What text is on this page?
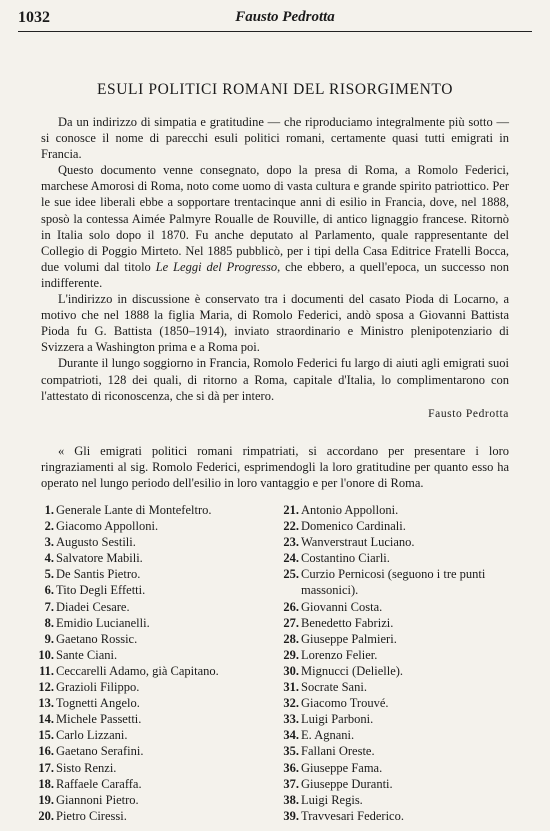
1032	Fausto Pedrotta
ESULI POLITICI ROMANI DEL RISORGIMENTO

Da un indirizzo di simpatia e gratitudine — che riproduciamo integralmente più sotto — si conosce il nome di parecchi esuli politici romani, certamente quasi tutti emigrati in Francia.

Questo documento venne consegnato, dopo la presa di Roma, a Romolo Federici, marchese Amorosi di Roma, noto come uomo di vasta cultura e grande spirito patriottico. Per le sue idee liberali ebbe a sopportare trentacinque anni di esilio in Francia, dove, nel 1888, sposò la contessa Aimée Palmyre Roualle de Rouville, di antico lignaggio francese. Ritornò in Italia solo dopo il 1870. Fu anche deputato al Parlamento, quale rappresentante del Collegio di Poggio Mirteto. Nel 1885 pubblicò, per i tipi della Casa Editrice Fratelli Bocca, due volumi dal titolo Le Leggi del Progresso, che ebbero, a quell'epoca, un successo non indifferente.

L'indirizzo in discussione è conservato tra i documenti del casato Pioda di Locarno, a motivo che nel 1888 la figlia Maria, di Romolo Federici, andò sposa a Giovanni Battista Pioda fu G. Battista (1850–1914), inviato straordinario e Ministro plenipotenziario di Svizzera a Washington prima e a Roma poi.

Durante il lungo soggiorno in Francia, Romolo Federici fu largo di aiuti agli emigrati suoi compatrioti, 128 dei quali, di ritorno a Roma, capitale d'Italia, lo complimentarono con l'attestato di riconoscenza, che si dà per intero.

Fausto Pedrotta

« Gli emigrati politici romani rimpatriati, si accordano per presentare i loro ringraziamenti al sig. Romolo Federici, esprimendogli la loro gratitudine per quanto esso ha operato nel lungo periodo dell'esilio in loro vantaggio e per l'onore di Roma.

1 . Generale Lante di Montefeltro.
2 . Giacomo Appolloni.
3 . Augusto Sestili.
4 . Salvatore Mabili.
5 . De Santis Pietro.
6 . Tito Degli Effetti.
7 . Diadei Cesare.
8 . Emidio Lucianelli.
9 . Gaetano Rossic.
10 . Sante Ciani.
11 . Ceccarelli Adamo, già Capitano.
12 . Grazioli Filippo.
13 . Tognetti Angelo.
14 . Michele Passetti.
15 . Carlo Lizzani.
16 . Gaetano Serafini.
17 . Sisto Renzi.
18 . Raffaele Caraffa.
19 . Giannoni Pietro.
20 . Pietro Ciressi.
21 . Antonio Appolloni.
22 . Domenico Cardinali.
23 . Wanverstraut Luciano.
24 . Costantino Ciarli.
25 . Curzio Pernicosi (seguono i tre punti massonici).
26 . Giovanni Costa.
27 . Benedetto Fabrizi.
28 . Giuseppe Palmieri.
29 . Lorenzo Felier.
30 . Mignucci (Delielle).
31 . Socrate Sani.
32 . Giacomo Trouvé.
33 . Luigi Parboni.
34 . E. Agnani.
35 . Fallani Oreste.
36 . Giuseppe Fama.
37 . Giuseppe Duranti.
38 . Luigi Regis.
39 . Travvesari Federico.
